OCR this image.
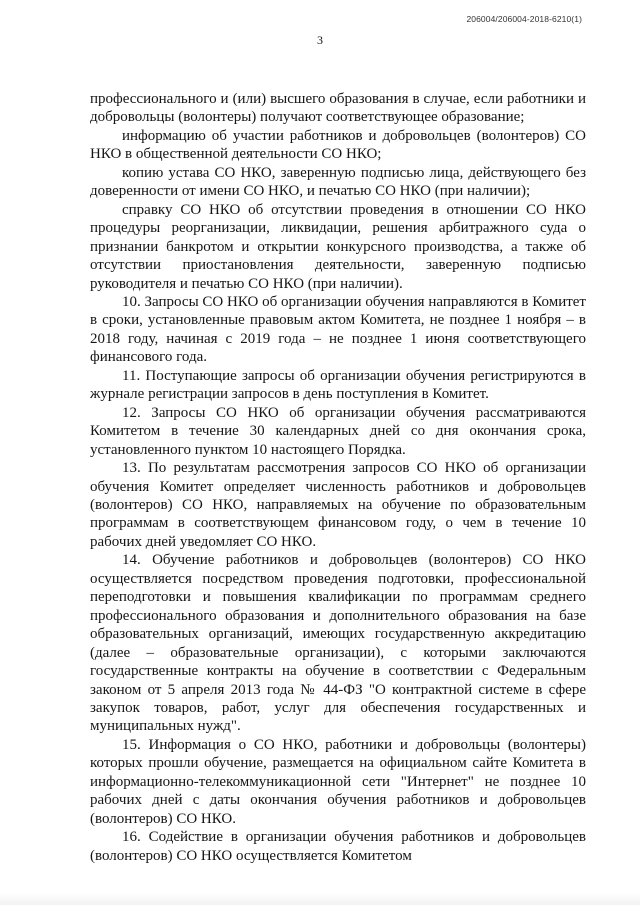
206004/206004-2018-6210(1)
3

профессионального и (или) высшего образования в случае, если работники и добровольцы (волонтеры) получают соответствующее образование;

информацию об участии работников и добровольцев (волонтеров) СО НКО в общественной деятельности СО НКО;

копию устава СО НКО, заверенную подписью лица, действующего без доверенности от имени СО НКО, и печатью СО НКО (при наличии);

справку СО НКО об отсутствии проведения в отношении СО НКО процедуры реорганизации, ликвидации, решения арбитражного суда о признании банкротом и открытии конкурсного производства, а также об отсутствии приостановления деятельности, заверенную подписью руководителя и печатью СО НКО (при наличии).

10. Запросы СО НКО об организации обучения направляются в Комитет в сроки, установленные правовым актом Комитета, не позднее 1 ноября – в 2018 году, начиная с 2019 года – не позднее 1 июня соответствующего финансового года.

11. Поступающие запросы об организации обучения регистрируются в журнале регистрации запросов в день поступления в Комитет.

12. Запросы СО НКО об организации обучения рассматриваются Комитетом в течение 30 календарных дней со дня окончания срока, установленного пунктом 10 настоящего Порядка.

13. По результатам рассмотрения запросов СО НКО об организации обучения Комитет определяет численность работников и добровольцев (волонтеров) СО НКО, направляемых на обучение по образовательным программам в соответствующем финансовом году, о чем в течение 10 рабочих дней уведомляет СО НКО.

14. Обучение работников и добровольцев (волонтеров) СО НКО осуществляется посредством проведения подготовки, профессиональной переподготовки и повышения квалификации по программам среднего профессионального образования и дополнительного образования на базе образовательных организаций, имеющих государственную аккредитацию (далее – образовательные организации), с которыми заключаются государственные контракты на обучение в соответствии с Федеральным законом от 5 апреля 2013 года № 44-ФЗ "О контрактной системе в сфере закупок товаров, работ, услуг для обеспечения государственных и муниципальных нужд".

15. Информация о СО НКО, работники и добровольцы (волонтеры) которых прошли обучение, размещается на официальном сайте Комитета в информационно-телекоммуникационной сети "Интернет" не позднее 10 рабочих дней с даты окончания обучения работников и добровольцев (волонтеров) СО НКО.

16. Содействие в организации обучения работников и добровольцев (волонтеров) СО НКО осуществляется Комитетом
